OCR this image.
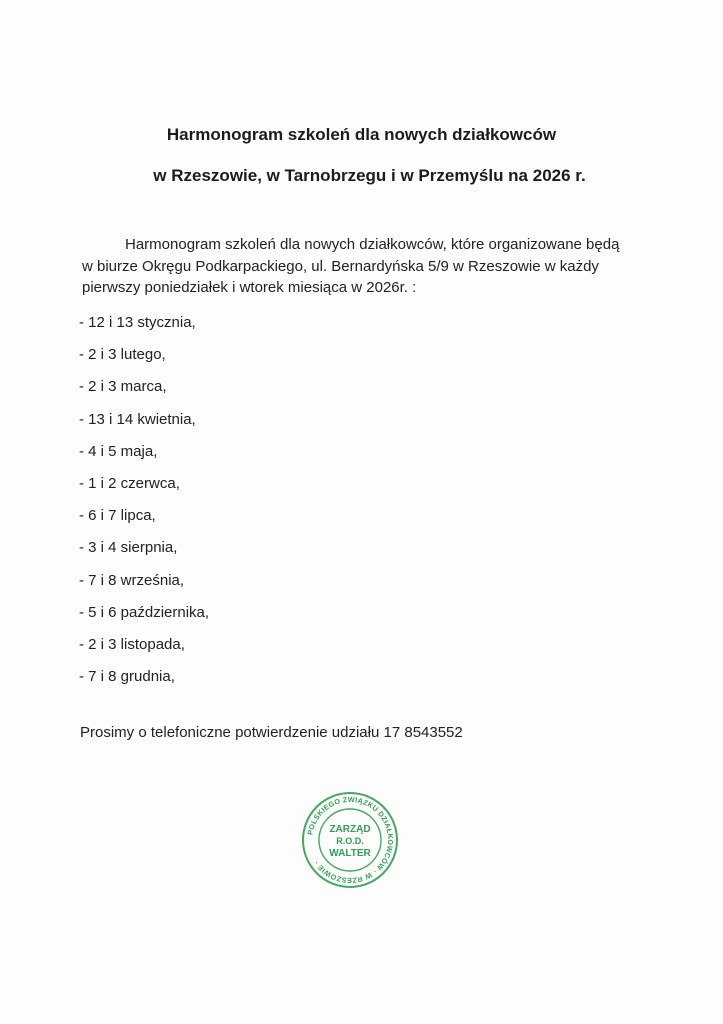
Harmonogram szkoleń dla nowych działkowców
w Rzeszowie, w Tarnobrzegu i w Przemyślu na 2026 r.
Harmonogram szkoleń dla nowych działkowców, które organizowane będą
w biurze Okręgu Podkarpackiego, ul. Bernardyńska 5/9 w Rzeszowie w każdy
pierwszy poniedziałek i wtorek miesiąca w 2026r. :
- 12 i 13 stycznia,
- 2 i 3 lutego,
- 2 i 3 marca,
- 13 i 14 kwietnia,
- 4 i 5 maja,
- 1 i 2 czerwca,
- 6 i 7 lipca,
- 3 i 4 sierpnia,
- 7 i 8 września,
- 5 i 6 października,
- 2 i 3 listopada,
- 7 i 8 grudnia,
Prosimy o telefoniczne potwierdzenie udziału 17 8543552
POLSKIEGO ZWIĄZKU DZIAŁKOWCÓW · W RZESZOWIE ·
ZARZĄD
R.O.D.
WALTER
